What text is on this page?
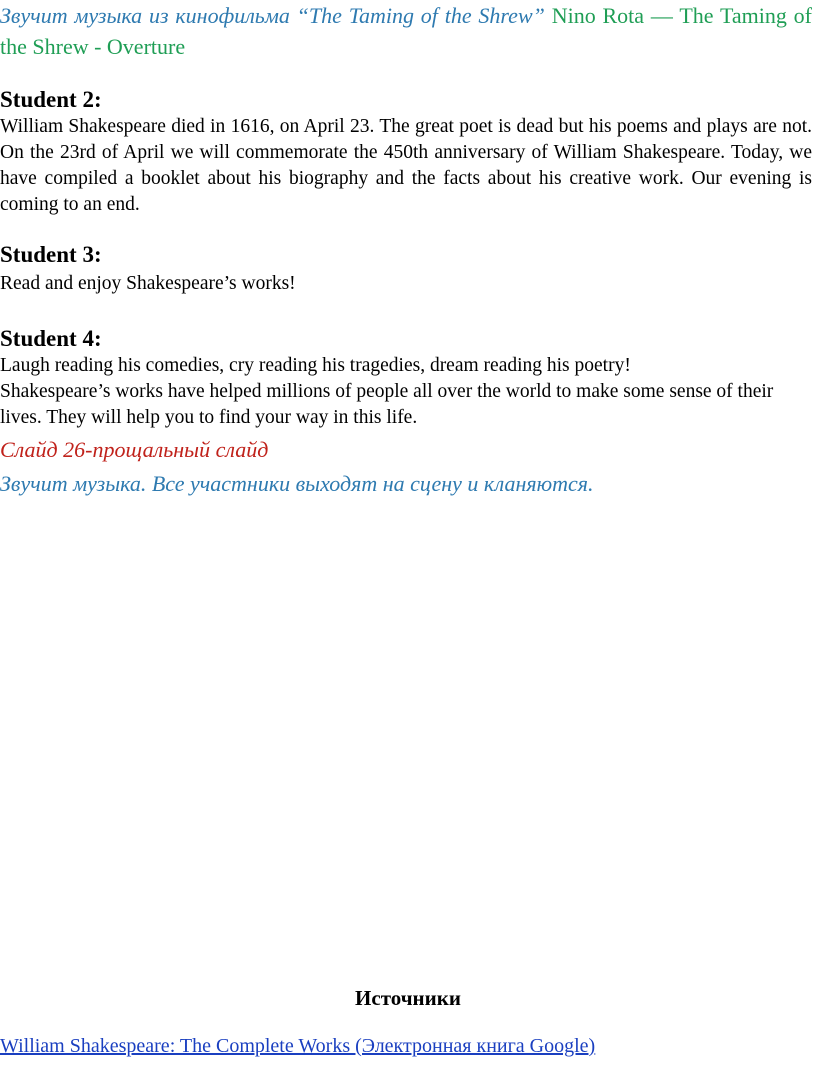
Звучит музыка из кинофильма “The Taming of the Shrew” Nino Rota — The Taming of the Shrew - Overture

Student 2:

William Shakespeare died in 1616, on April 23. The great poet is dead but his poems and plays are not. On the 23rd of April we will commemorate the 450th anniversary of William Shakespeare. Today, we have compiled a booklet about his biography and the facts about his creative work. Our evening is coming to an end.

Student 3:

Read and enjoy Shakespeare’s works!

Student 4:

Laugh reading his comedies, cry reading his tragedies, dream reading his poetry!

Shakespeare’s works have helped millions of people all over the world to make some sense of their lives. They will help you to find your way in this life.

Слайд 26-прощальный слайд

Звучит музыка. Все участники выходят на сцену и кланяются.

Источники
William Shakespeare: The Complete Works (Электронная книга Google)
